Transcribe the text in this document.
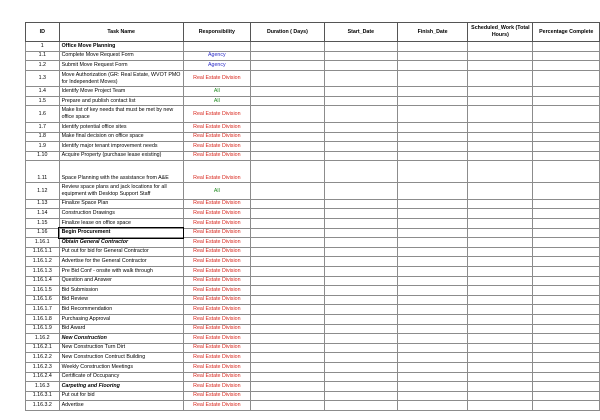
ID	Task Name	Responsibility	Duration ( Days)	Start_Date	Finish_Date	Scheduled_Work (Total Hours)	Percentage Complete
1	Office Move Planning						
1.1	Complete Move Request Form	Agency					
1.2	Submit Move Request Form	Agency					
1.3	Move Authorization (GR: Real Estate, WVOT PMO for Independent Moves)	Real Estate Division					
1.4	Identify Move Project Team	All					
1.5	Prepare and publish contact list	All					
1.6	Make list of key needs that must be met by new office space	Real Estate Division					
1.7	Identify potential office sites	Real Estate Division					
1.8	Make final decision on office space	Real Estate Division					
1.9	Identify major tenant improvement needs	Real Estate Division					
1.10	Acquire Property (purchase lease existing)	Real Estate Division					
1.11	Space Planning with the assistance from A&E	Real Estate Division					
1.12	Review space plans and jack locations for all equipment with Desktop Support Staff	All					
1.13	Finalize Space Plan	Real Estate Division					
1.14	Construction Drawings	Real Estate Division					
1.15	Finalize lease on office space	Real Estate Division					
1.16	Begin Procurement	Real Estate Division					
1.16.1	Obtain General Contractor	Real Estate Division					
1.16.1.1	Put out for bid for General Contractor	Real Estate Division					
1.16.1.2	Advertise for the General Contractor	Real Estate Division					
1.16.1.3	Pre Bid Conf - onsite with walk through	Real Estate Division					
1.16.1.4	Question and Answer	Real Estate Division					
1.16.1.5	Bid Submission	Real Estate Division					
1.16.1.6	Bid Review	Real Estate Division					
1.16.1.7	Bid Recommendation	Real Estate Division					
1.16.1.8	Purchasing Approval	Real Estate Division					
1.16.1.9	Bid Award	Real Estate Division					
1.16.2	New Construction	Real Estate Division					
1.16.2.1	New Construction Turn Dirt	Real Estate Division					
1.16.2.2	New Construction Contruct Building	Real Estate Division					
1.16.2.3	Weekly Construction Meetings	Real Estate Division					
1.16.2.4	Certificate of Occupancy	Real Estate Division					
1.16.3	Carpeting and Flooring	Real Estate Division					
1.16.3.1	Put out for bid	Real Estate Division					
1.16.3.2	Advertise	Real Estate Division					
